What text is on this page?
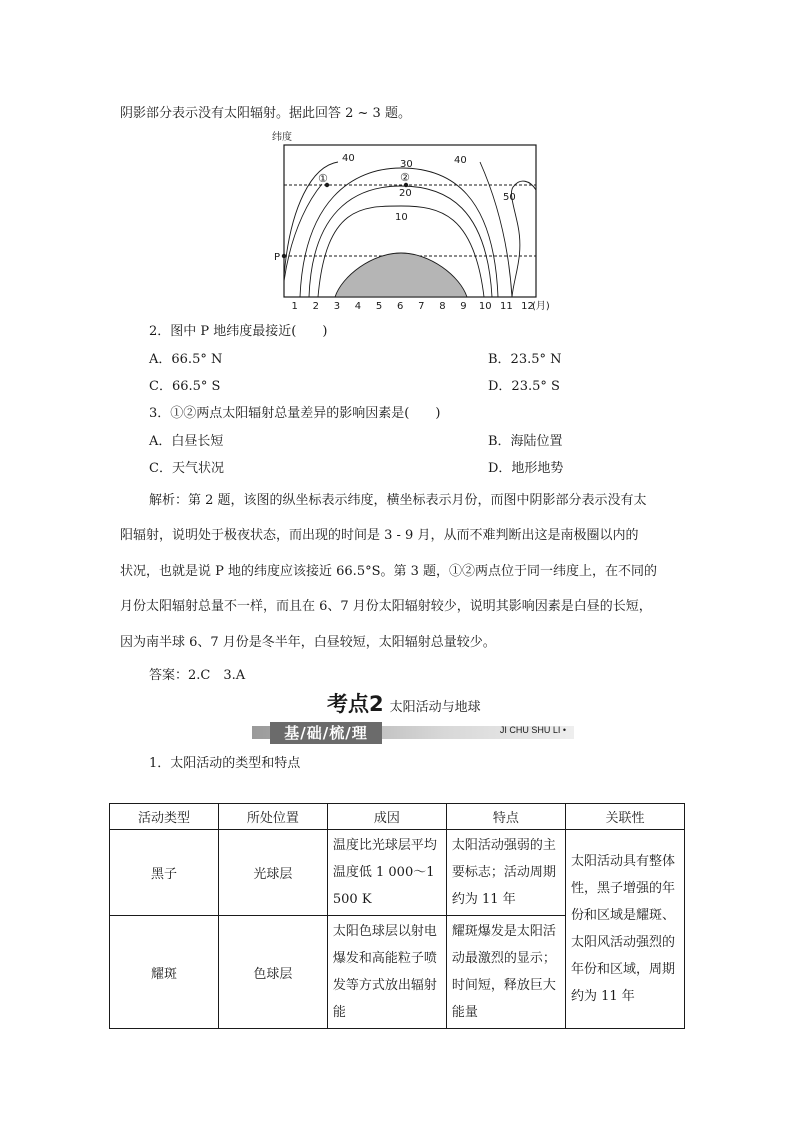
阴影部分表示没有太阳辐射。据此回答 2 ~ 3 题。
纬度
40
30	40
20
10
50
①	②
P
1 2 3 4 5 6 7 8 9 10 11 12
(月)
2．图中 P 地纬度最接近(　　)
A．66.5° N	B．23.5° N
C．66.5° S	D．23.5° S
3．①②两点太阳辐射总量差异的影响因素是(　　)
A．白昼长短	B．海陆位置
C．天气状况	D．地形地势
解析：第 2 题，该图的纵坐标表示纬度，横坐标表示月份，而图中阴影部分表示没有太
阳辐射，说明处于极夜状态，而出现的时间是 3 - 9 月，从而不难判断出这是南极圈以内的
状况，也就是说 P 地的纬度应该接近 66.5°S。第 3 题，①②两点位于同一纬度上，在不同的
月份太阳辐射总量不一样，而且在 6、7 月份太阳辐射较少，说明其影响因素是白昼的长短，
因为南半球 6、7 月份是冬半年，白昼较短，太阳辐射总量较少。
答案：2.C　3.A
考点2 太阳活动与地球
基/础/梳/理	JI CHU SHU LI •
1．太阳活动的类型和特点
活动类型	所处位置	成因	特点	关联性
黑子	光球层	温度比光球层平均温度低 1 000～1 500 K	太阳活动强弱的主要标志；活动周期约为 11 年	太阳活动具有整体性，黑子增强的年份和区域是耀斑、太阳风活动强烈的年份和区域，周期约为 11 年
耀斑	色球层	太阳色球层以射电爆发和高能粒子喷发等方式放出辐射能	耀斑爆发是太阳活动最激烈的显示；时间短，释放巨大能量	
